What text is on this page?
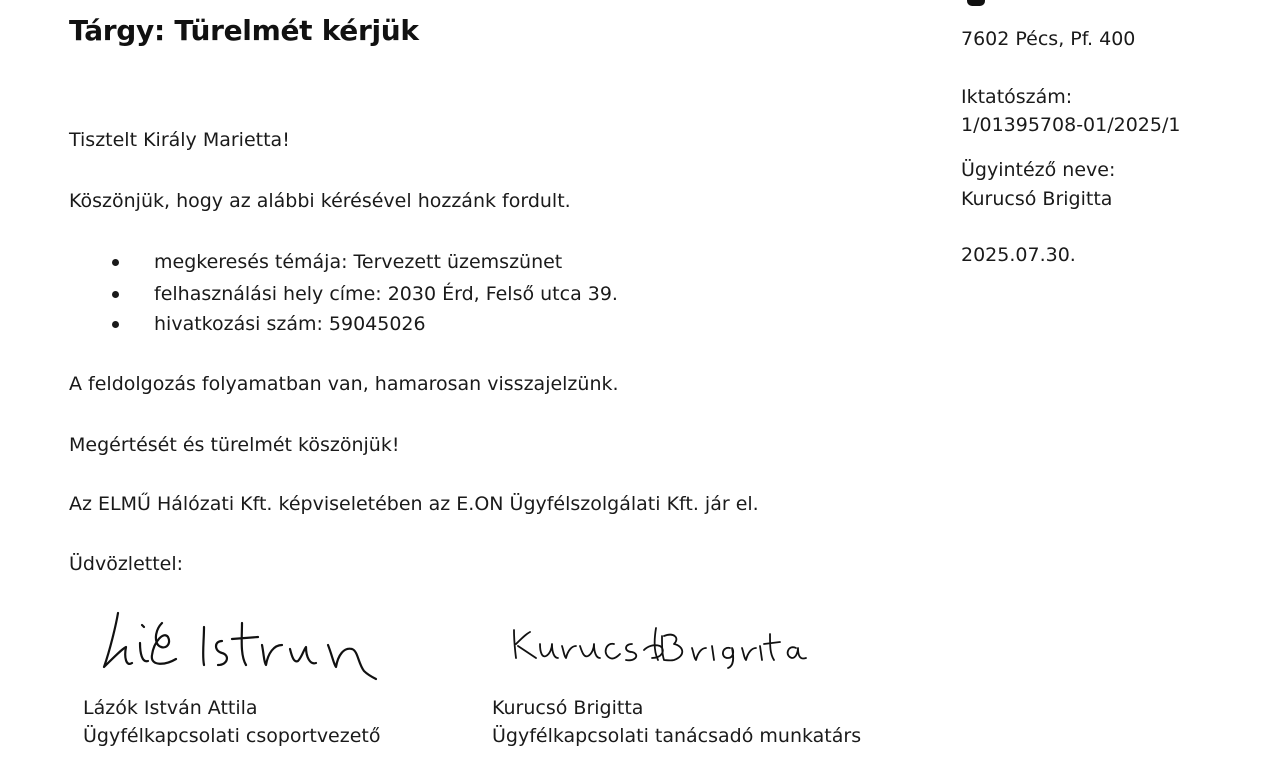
Tárgy: Türelmét kérjük	7602 Pécs, Pf. 400
Iktatószám:
1/01395708-01/2025/1
Ügyintéző neve:
Kurucsó Brigitta
2025.07.30.
Tisztelt Király Marietta!
Köszönjük, hogy az alábbi kérésével hozzánk fordult.
megkeresés témája: Tervezett üzemszünet
felhasználási hely címe: 2030 Érd, Felső utca 39.
hivatkozási szám: 59045026
A feldolgozás folyamatban van, hamarosan visszajelzünk.
Megértését és türelmét köszönjük!
Az ELMŰ Hálózati Kft. képviseletében az E.ON Ügyfélszolgálati Kft. jár el.
Üdvözlettel:
Lázók István Attila
Ügyfélkapcsolati csoportvezető
Kurucsó Brigitta
Ügyfélkapcsolati tanácsadó munkatárs
